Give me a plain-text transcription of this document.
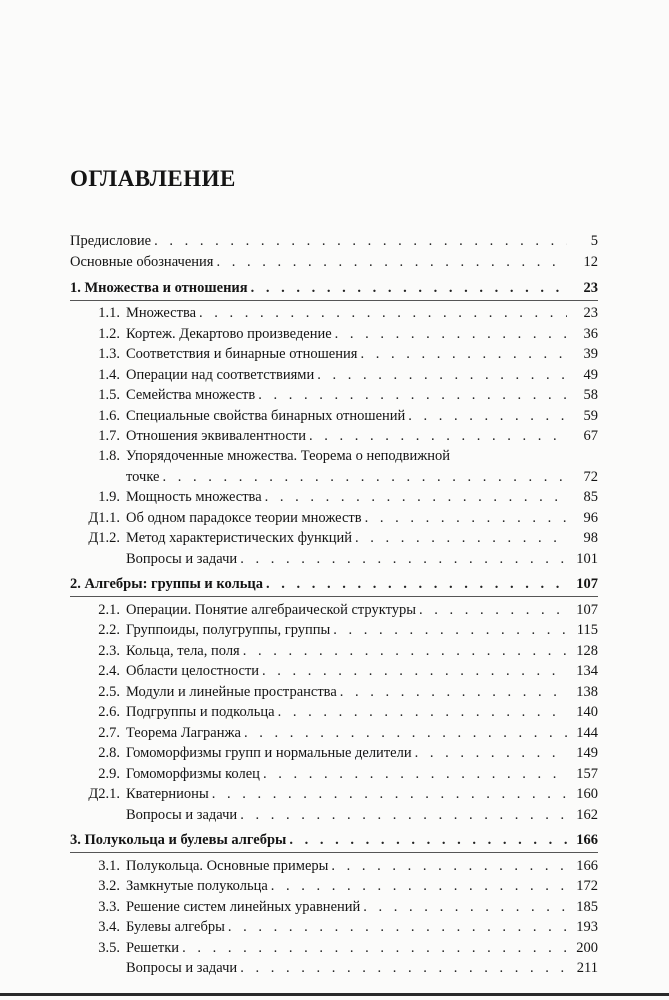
ОГЛАВЛЕНИЕ
Предисловие . . .	5
Основные обозначения . . .	12
1. Множества и отношения . . .	23
1.1. Множества . . .	23
1.2. Кортеж. Декартово произведение . . .	36
1.3. Соответствия и бинарные отношения . . .	39
1.4. Операции над соответствиями . . .	49
1.5. Семейства множеств . . .	58
1.6. Специальные свойства бинарных отношений . . .	59
1.7. Отношения эквивалентности . . .	67
1.8. Упорядоченные множества. Теорема о неподвижной
точке . . .	72
1.9. Мощность множества . . .	85
Д1.1. Об одном парадоксе теории множеств . . .	96
Д1.2. Метод характеристических функций . . .	98
Вопросы и задачи . . .	101
2. Алгебры: группы и кольца . . .	107
2.1. Операции. Понятие алгебраической структуры . . .	107
2.2. Группоиды, полугруппы, группы . . .	115
2.3. Кольца, тела, поля . . .	128
2.4. Области целостности . . .	134
2.5. Модули и линейные пространства . . .	138
2.6. Подгруппы и подкольца . . .	140
2.7. Теорема Лагранжа . . .	144
2.8. Гомоморфизмы групп и нормальные делители . . .	149
2.9. Гомоморфизмы колец . . .	157
Д2.1. Кватернионы . . .	160
Вопросы и задачи . . .	162
3. Полукольца и булевы алгебры . . .	166
3.1. Полукольца. Основные примеры . . .	166
3.2. Замкнутые полукольца . . .	172
3.3. Решение систем линейных уравнений . . .	185
3.4. Булевы алгебры . . .	193
3.5. Решетки . . .	200
Вопросы и задачи . . .	211
